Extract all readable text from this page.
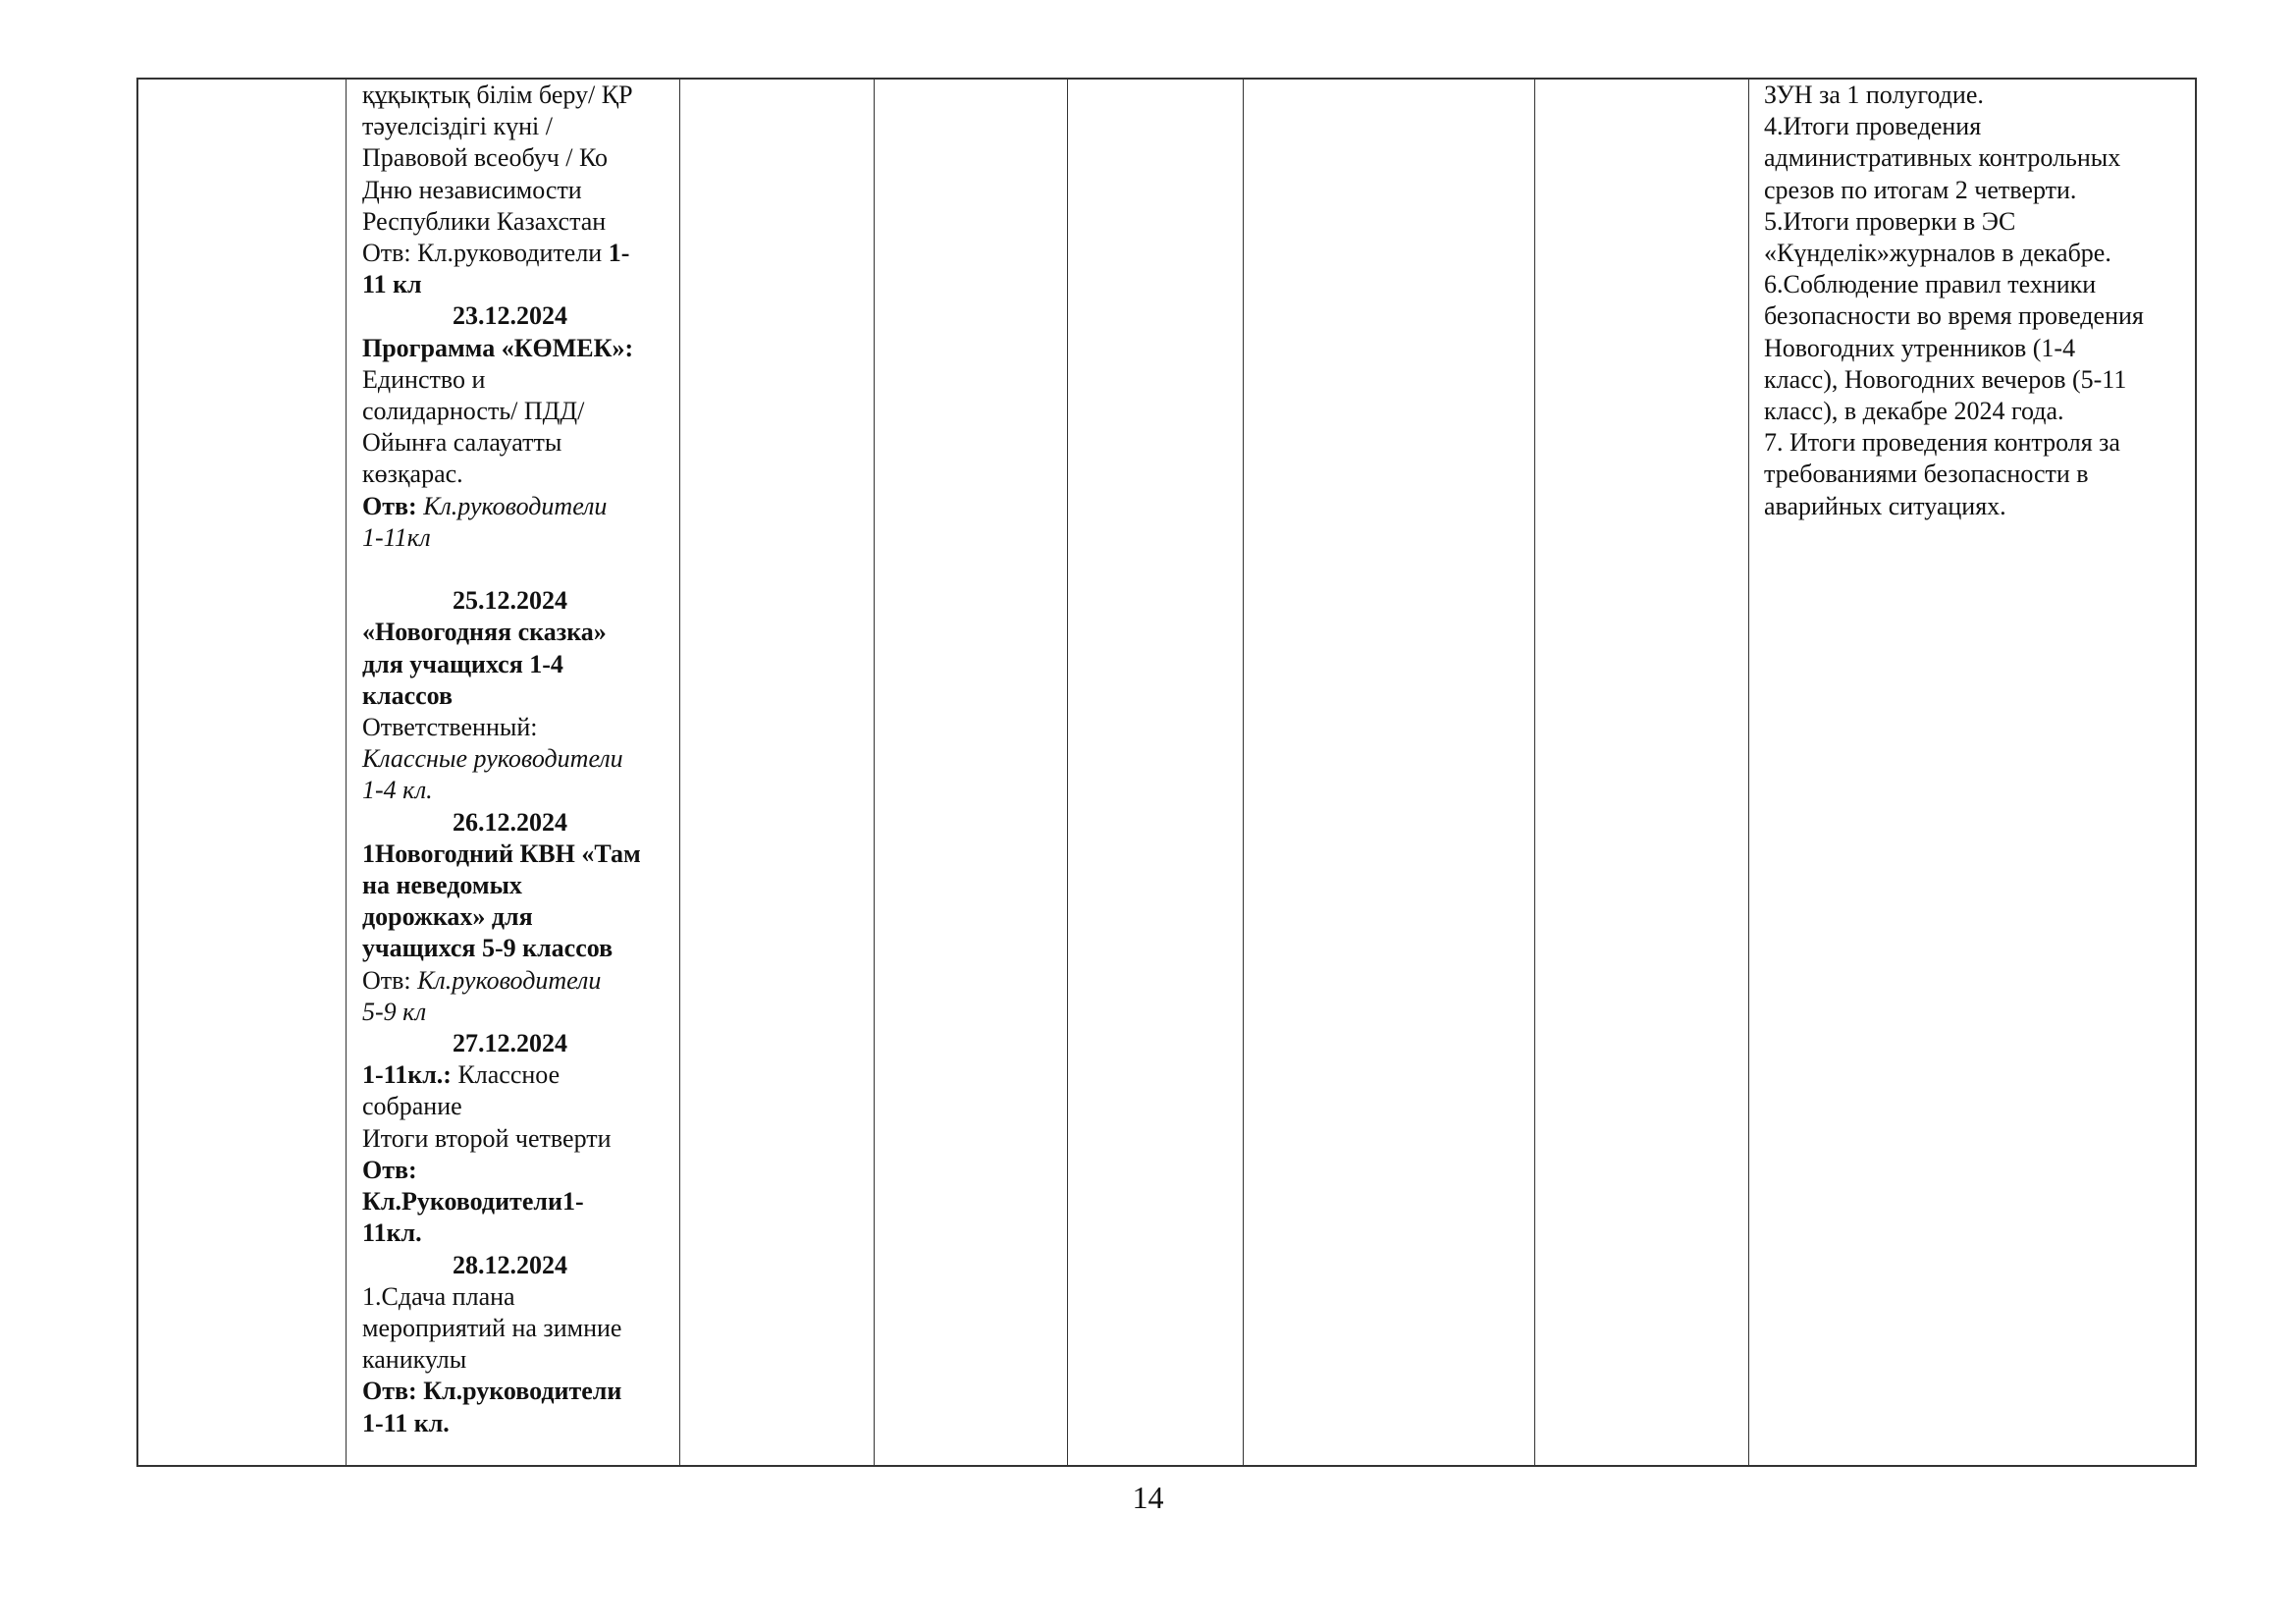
құқықтық білім беру/ ҚР
тәуелсіздігі күні /
Правовой всеобуч / Ко
Дню независимости
Республики Казахстан
Отв: Кл.руководители 1-
11 кл
23.12.2024
Программа «КӨМЕК»:
Единство и
солидарность/ ПДД/
Ойынға салауатты
көзқарас.
Отв: Кл.руководители
1-11кл
25.12.2024
«Новогодняя сказка»
для учащихся 1-4
классов
Ответственный:
Классные руководители
1-4 кл.
26.12.2024
1Новогодний КВН «Там
на неведомых
дорожках» для
учащихся 5-9 классов
Отв: Кл.руководители
5-9 кл
27.12.2024
1-11кл.: Классное
собрание
Итоги второй четверти
Отв:
Кл.Руководители1-
11кл.
28.12.2024
1.Сдача плана
мероприятий на зимние
каникулы
Отв: Кл.руководители
1-11 кл.
ЗУН за 1 полугодие.
4.Итоги проведения
административных контрольных
срезов по итогам 2 четверти.
5.Итоги проверки в ЭС
«Күнделік»журналов в декабре.
6.Соблюдение правил техники
безопасности во время проведения
Новогодних утренников (1-4
класс), Новогодних вечеров (5-11
класс), в декабре 2024 года.
7. Итоги проведения контроля за
требованиями безопасности в
аварийных ситуациях.
14
